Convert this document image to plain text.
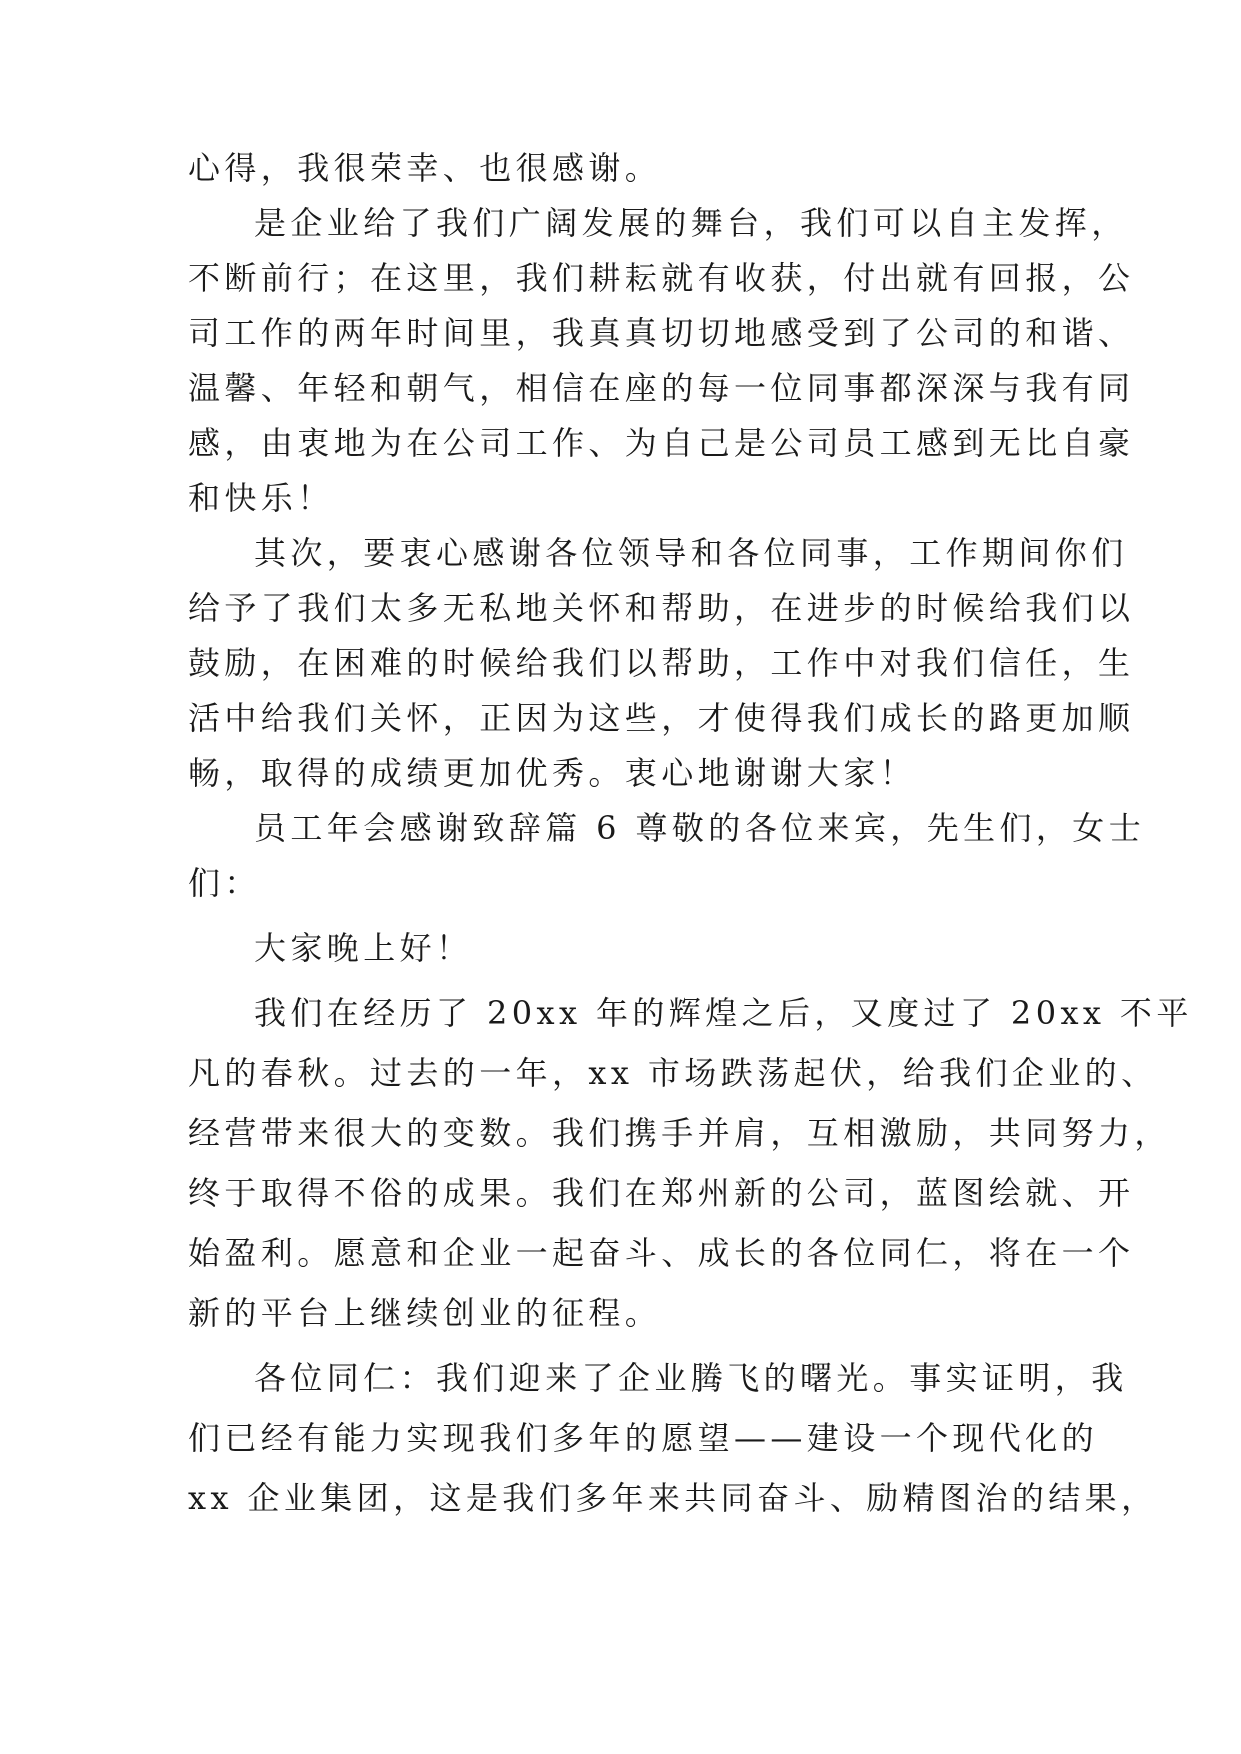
心得，我很荣幸、也很感谢。
是企业给了我们广阔发展的舞台，我们可以自主发挥，
不断前行；在这里，我们耕耘就有收获，付出就有回报，公
司工作的两年时间里，我真真切切地感受到了公司的和谐、
温馨、年轻和朝气，相信在座的每一位同事都深深与我有同
感，由衷地为在公司工作、为自己是公司员工感到无比自豪
和快乐！
其次，要衷心感谢各位领导和各位同事，工作期间你们
给予了我们太多无私地关怀和帮助，在进步的时候给我们以
鼓励，在困难的时候给我们以帮助，工作中对我们信任，生
活中给我们关怀，正因为这些，才使得我们成长的路更加顺
畅，取得的成绩更加优秀。衷心地谢谢大家！
员工年会感谢致辞篇 6 尊敬的各位来宾，先生们，女士
们：
大家晚上好！
我们在经历了 20xx 年的辉煌之后，又度过了 20xx 不平
凡的春秋。过去的一年，xx 市场跌荡起伏，给我们企业的、
经营带来很大的变数。我们携手并肩，互相激励，共同努力，
终于取得不俗的成果。我们在郑州新的公司，蓝图绘就、开
始盈利。愿意和企业一起奋斗、成长的各位同仁，将在一个
新的平台上继续创业的征程。
各位同仁：我们迎来了企业腾飞的曙光。事实证明，我
们已经有能力实现我们多年的愿望——建设一个现代化的
xx 企业集团，这是我们多年来共同奋斗、励精图治的结果，
